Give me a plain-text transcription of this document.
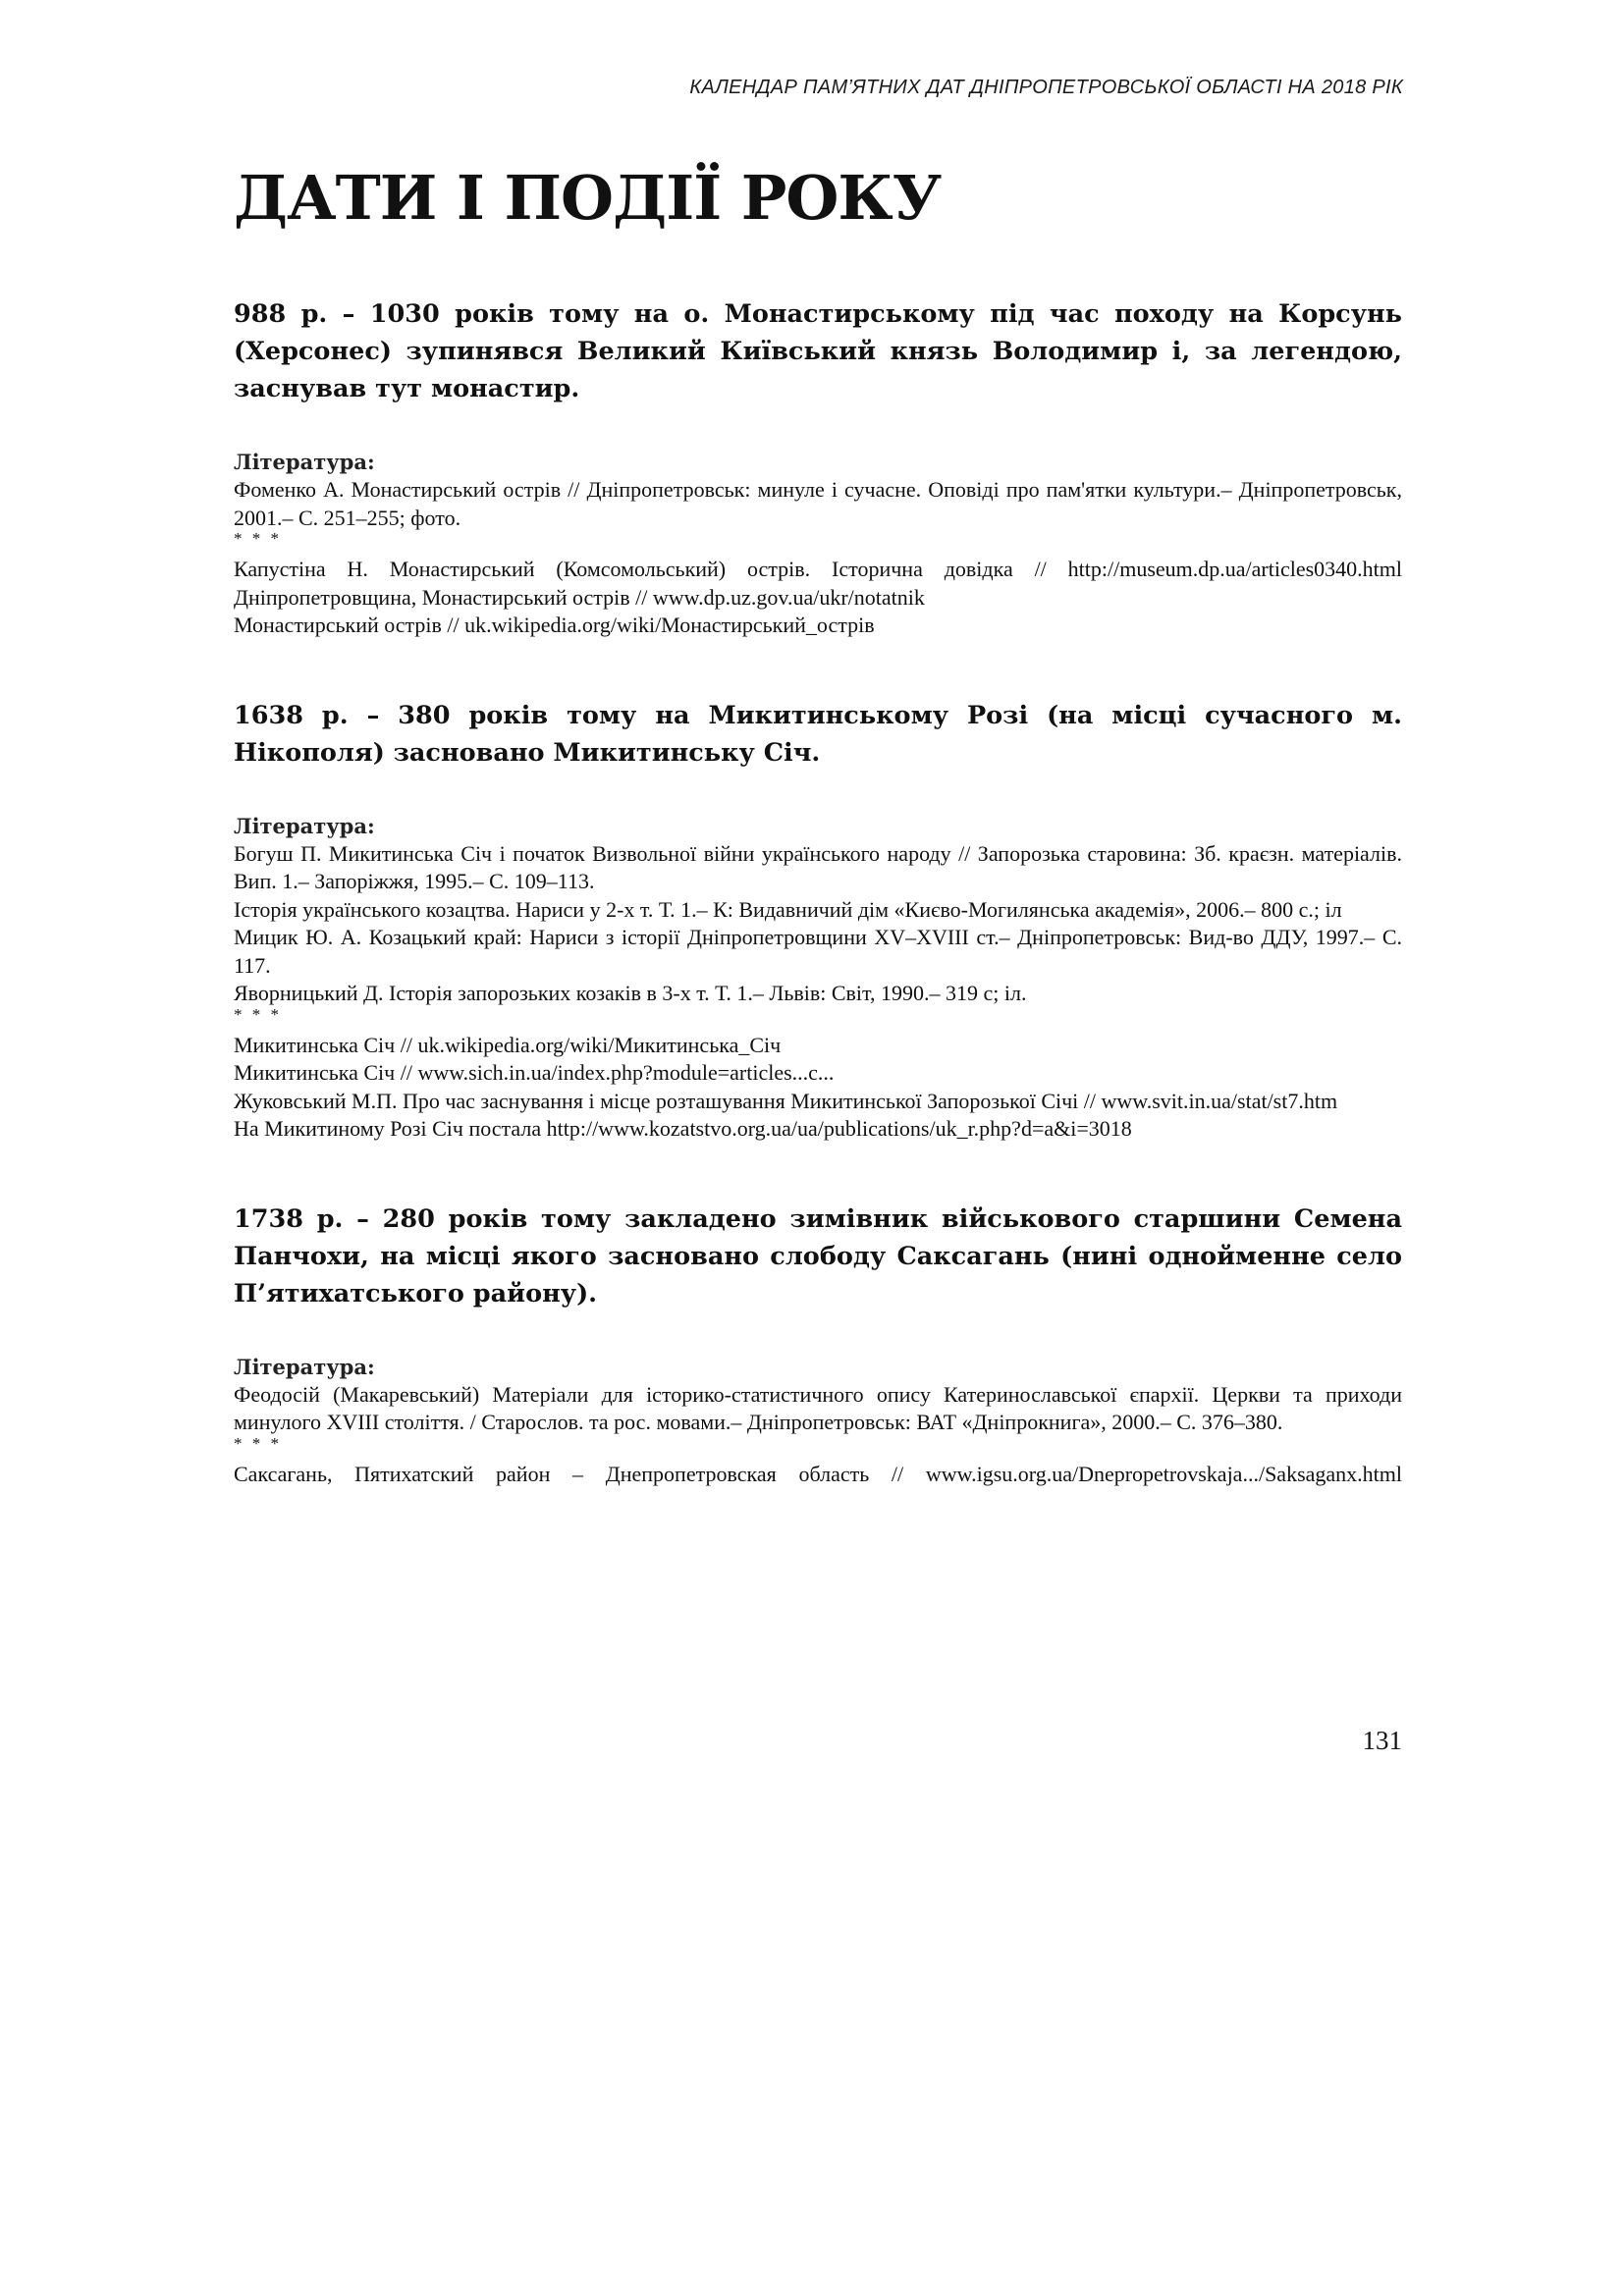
КАЛЕНДАР ПАМ’ЯТНИХ ДАТ ДНІПРОПЕТРОВСЬКОЇ ОБЛАСТІ НА 2018 РІК
ДАТИ І ПОДІЇ РОКУ

988 р. – 1030 років тому на о. Монастирському під час походу на Корсунь (Херсонес) зупинявся Великий Київський князь Володимир і, за легендою, заснував тут монастир.

Література:

Фоменко А. Монастирський острів // Дніпропетровськ: минуле і сучасне. Оповіді про пам'ятки культури.– Дніпропетровськ, 2001.– С. 251–255; фото.

* * *

Капустіна Н. Монастирський (Комсомольський) острів. Історична довідка // http://museum.dp.ua/articles0340.html

Дніпропетровщина, Монастирський острів // www.dp.uz.gov.ua/ukr/notatnik

Монастирський острів // uk.wikipedia.org/wiki/Монастирський_острів

1638 р. – 380 років тому на Микитинському Розі (на місці сучасного м. Нікополя) засновано Микитинську Січ.

Література:

Богуш П. Микитинська Січ і початок Визвольної війни українського народу // Запорозька старовина: Зб. краєзн. матеріалів. Вип. 1.– Запоріжжя, 1995.– С. 109–113.

Історія українського козацтва. Нариси у 2-х т. Т. 1.– К: Видавничий дім «Києво-Могилянська академія», 2006.– 800 с.; іл

Мицик Ю. А. Козацький край: Нариси з історії Дніпропетровщини XV–XVIII ст.– Дніпропетровськ: Вид-во ДДУ, 1997.– С. 117.

Яворницький Д. Історія запорозьких козаків в 3-х т. Т. 1.– Львів: Світ, 1990.– 319 с; іл.

* * *

Микитинська Січ // uk.wikipedia.org/wiki/Микитинська_Січ

Микитинська Січ // www.sich.in.ua/index.php?module=articles...c...

Жуковський М.П. Про час заснування і місце розташування Микитинської Запорозької Січі // www.svit.in.ua/stat/st7.htm

На Микитиному Розі Січ постала http://www.kozatstvo.org.ua/ua/publications/uk_r.php?d=a&i=3018

1738 р. – 280 років тому закладено зимівник військового старшини Семена Панчохи, на місці якого засновано слободу Саксагань (нині однойменне село П’ятихатського району).

Література:

Феодосій (Макаревський) Матеріали для історико-статистичного опису Катеринославської єпархії. Церкви та приходи минулого XVIII століття. / Старослов. та рос. мовами.– Дніпропетровськ: ВАТ «Дніпрокнига», 2000.– С. 376–380.

* * *

Саксагань, Пятихатский район – Днепропетровская область // www.igsu.org.ua/Dnepropetrovskaja.../Saksaganx.html

131
